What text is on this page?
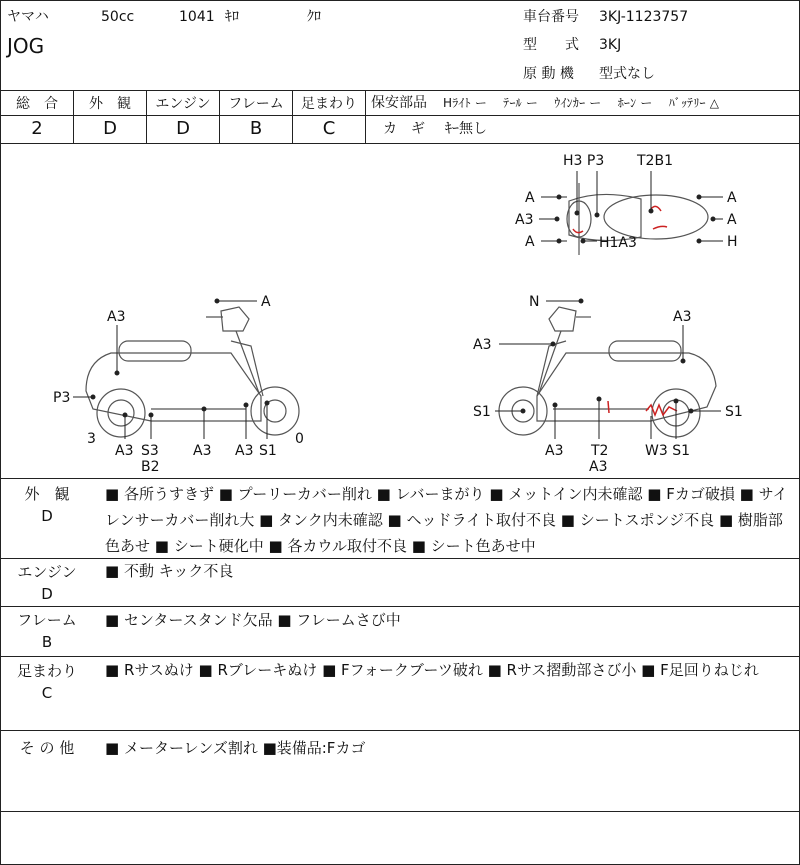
ヤマハ	50cc	1041 ｷﾛ	ｸﾛ
JOG
車台番号 3KJ-1123757
型　　式 3KJ
原 動 機 型式なし
総　合	外　観	エンジン	フレーム	足まわり
2	D	D	B	C
保安部品 Hﾗｲﾄ ー　 ﾃｰﾙ ー　 ｳｲﾝｶｰ ー　 ﾎｰﾝ ー　 ﾊﾞｯﾃﾘｰ △
カ　ギ ｷｰ無し
A
A3
P3
3
A3 S3
B2
A3 A3 S1
0
N
A3
A3
S1	S1
A3 T2
A3
W3 S1
H3 P3 T2B1
H1A3
A
A3
A
A
A
H
外　観
D
■ 各所うすきず ■ プーリーカバー削れ ■ レバーまがり ■ メットイン内未確認 ■ Fカゴ破損 ■ サイレンサーカバー削れ大 ■ タンク内未確認 ■ ヘッドライト取付不良 ■ シートスポンジ不良 ■ 樹脂部色あせ ■ シート硬化中 ■ 各カウル取付不良 ■ シート色あせ中
エンジン
D
■ 不動 キック不良
フレーム
B
■ センタースタンド欠品 ■ フレームさび中
足まわり
C
■ Rサスぬけ ■ Rブレーキぬけ ■ Fフォークブーツ破れ ■ Rサス摺動部さび小 ■ F足回りねじれ
そ の 他	■ メーターレンズ割れ ■装備品:Fカゴ
